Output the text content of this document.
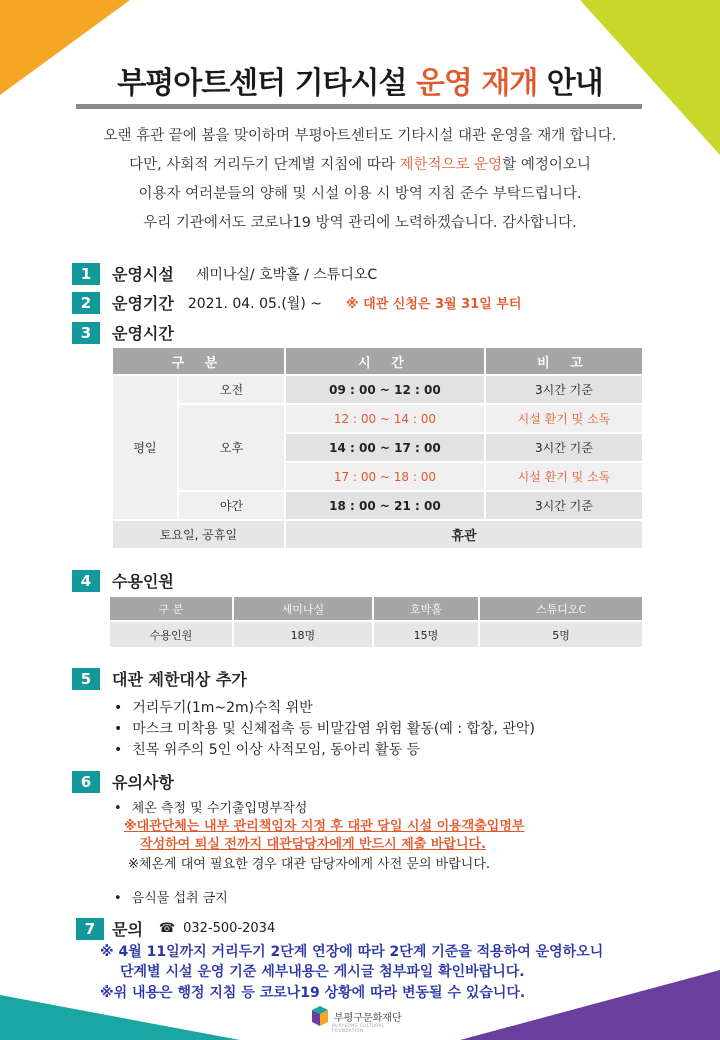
부평아트센터 기타시설 운영 재개 안내
오랜 휴관 끝에 봄을 맞이하며 부평아트센터도 기타시설 대관 운영을 재개 합니다.
다만, 사회적 거리두기 단계별 지침에 따라 제한적으로 운영할 예정이오니
이용자 여러분들의 양해 및 시설 이용 시 방역 지침 준수 부탁드립니다.
우리 기관에서도 코로나19 방역 관리에 노력하겠습니다. 감사합니다.
1	운영시설 세미나실/ 호박홀 / 스튜디오C
2	운영기간 2021. 04. 05.(월) ~ ※ 대관 신청은 3월 31일 부터
3	운영시간
구 분		시 간	비 고
평일	오전	09 : 00 ~ 12 : 00	3시간 기준
	오후	12 : 00 ~ 14 : 00	시설 환기 및 소독
		14 : 00 ~ 17 : 00	3시간 기준
		17 : 00 ~ 18 : 00	시설 환기 및 소독
	야간	18 : 00 ~ 21 : 00	3시간 기준
토요일, 공휴일		휴관	
4	수용인원
구 분	세미나실	호박홀	스튜디오C
수용인원	18명	15명	5명
5	대관 제한대상 추가
• 거리두기(1m~2m)수칙 위반
• 마스크 미착용 및 신체접촉 등 비말감염 위험 활동(예 : 합창, 관악)
• 친목 위주의 5인 이상 사적모임, 동아리 활동 등
6	유의사항
• 체온 측정 및 수기출입명부작성
※대관단체는 내부 관리책임자 지정 후 대관 당일 시설 이용객출입명부
작성하여 퇴실 전까지 대관담당자에게 반드시 제출 바랍니다.
※체온계 대여 필요한 경우 대관 담당자에게 사전 문의 바랍니다.
• 음식물 섭취 금지
7	문의 ☎ 032-500-2034
※ 4월 11일까지 거리두기 2단계 연장에 따라 2단계 기준을 적용하여 운영하오니
단계별 시설 운영 기준 세부내용은 게시글 첨부파일 확인바랍니다.
※위 내용은 행정 지침 등 코로나19 상황에 따라 변동될 수 있습니다.
부평구문화재단
BUPYEONG CULTURAL FOUNDATION
